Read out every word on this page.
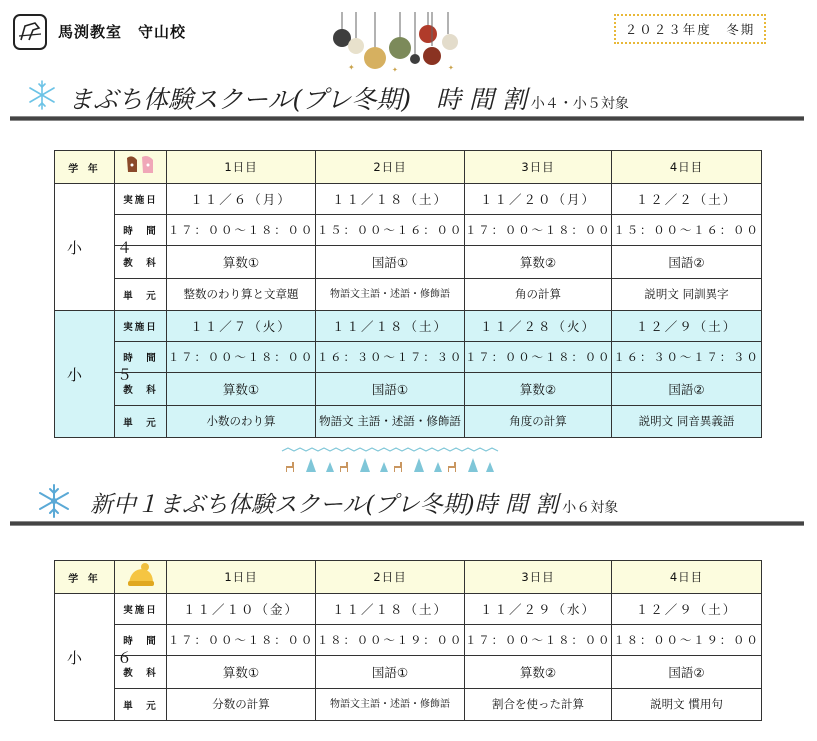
馬渕教室　守山校
✦	✦	✦
２０２３年度　冬期
まぶち体験スクール(プレ冬期)　時 間 割 小４・小５対象
学 年		1日目	2日目	3日目	4日目
小　４	実施日	１１／６（月）	１１／１８（土）	１１／２０（月）	１２／２（土）
	時　間	１７：００～１８：００	１５：００～１６：００	１７：００～１８：００	１５：００～１６：００
	教　科	算数①	国語①	算数②	国語②
	単　元	整数のわり算と文章題	物語文主語・述語・修飾語	角の計算	説明文 同訓異字
小　５	実施日	１１／７（火）	１１／１８（土）	１１／２８（火）	１２／９（土）
	時　間	１７：００～１８：００	１６：３０～１７：３０	１７：００～１８：００	１６：３０～１７：３０
	教　科	算数①	国語①	算数②	国語②
	単　元	小数のわり算	物語文 主語・述語・修飾語	角度の計算	説明文 同音異義語
新中１まぶち体験スクール(プレ冬期)時 間 割 小６対象
学 年		1日目	2日目	3日目	4日目
小　６	実施日	１１／１０（金）	１１／１８（土）	１１／２９（水）	１２／９（土）
	時　間	１７：００～１８：００	１８：００～１９：００	１７：００～１８：００	１８：００～１９：００
	教　科	算数①	国語①	算数②	国語②
	単　元	分数の計算	物語文主語・述語・修飾語	割合を使った計算	説明文 慣用句
